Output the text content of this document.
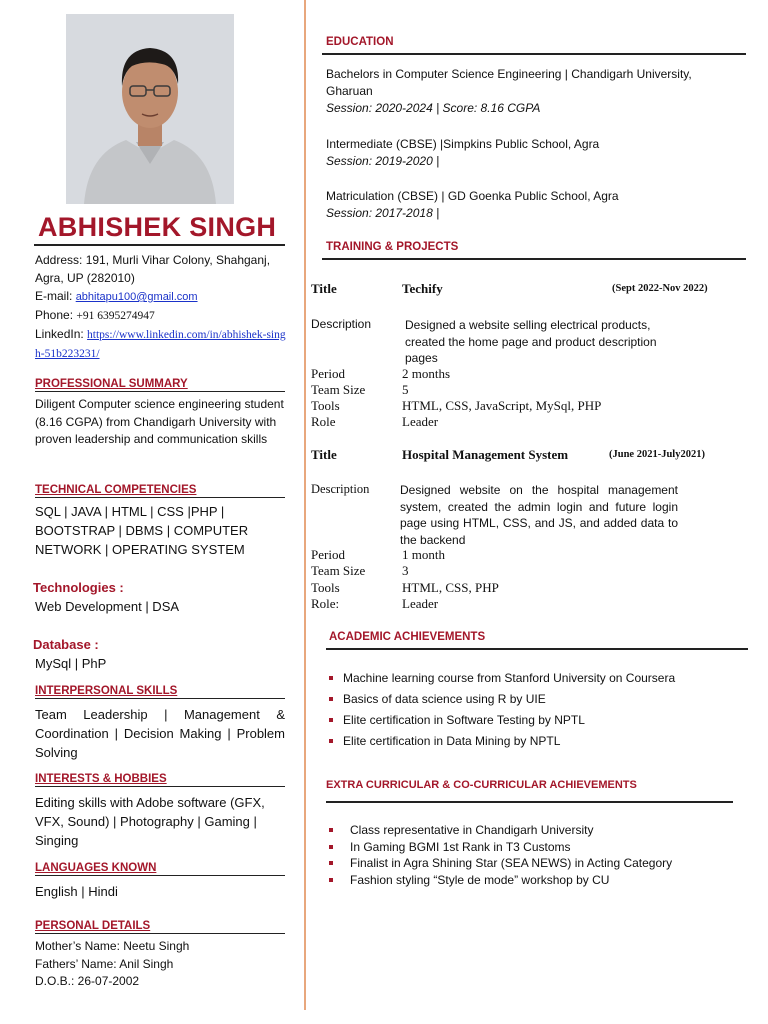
ABHISHEK SINGH
Address: 191, Murli Vihar Colony, Shahganj, Agra, UP (282010)
E-mail: abhitapu100@gmail.com
Phone: +91 6395274947
LinkedIn: https://www.linkedin.com/in/abhishek-singh-51b223231/
PROFESSIONAL SUMMARY
Diligent Computer science engineering student (8.16 CGPA) from Chandigarh University with proven leadership and communication skills
TECHNICAL COMPETENCIES
SQL | JAVA | HTML | CSS |PHP | BOOTSTRAP | DBMS | COMPUTER NETWORK | OPERATING SYSTEM
Technologies :
Web Development | DSA
Database :
MySql | PhP
INTERPERSONAL SKILLS
Team Leadership | Management & Coordination | Decision Making | Problem Solving
INTERESTS & HOBBIES
Editing skills with Adobe software (GFX, VFX, Sound) | Photography | Gaming | Singing
LANGUAGES KNOWN
English | Hindi
PERSONAL DETAILS
Mother’s Name: Neetu Singh
Fathers’ Name: Anil Singh
D.O.B.: 26-07-2002
EDUCATION
Bachelors in Computer Science Engineering | Chandigarh University, Gharuan
Session: 2020-2024 | Score: 8.16 CGPA
Intermediate (CBSE) |Simpkins Public School, Agra
Session: 2019-2020 |
Matriculation (CBSE) | GD Goenka Public School, Agra
Session: 2017-2018 |
TRAINING & PROJECTS
Title	Techify	(Sept 2022-Nov 2022)
Description	Designed a website selling electrical products, created the home page and product description pages
Period	2 months
Team Size	5
Tools	HTML, CSS, JavaScript, MySql, PHP
Role	Leader
Title	Hospital Management System	(June 2021-July2021)
Description	Designed website on the hospital management system, created the admin login and future login page using HTML, CSS, and JS, and added data to the backend
Period	1 month
Team Size	3
Tools	HTML, CSS, PHP
Role:	Leader
ACADEMIC ACHIEVEMENTS
Machine learning course from Stanford University on Coursera
Basics of data science using R by UIE
Elite certification in Software Testing by NPTL
Elite certification in Data Mining by NPTL
EXTRA CURRICULAR & CO-CURRICULAR ACHIEVEMENTS
Class representative in Chandigarh University
In Gaming BGMI 1st Rank in T3 Customs
Finalist in Agra Shining Star (SEA NEWS) in Acting Category
Fashion styling “Style de mode” workshop by CU
